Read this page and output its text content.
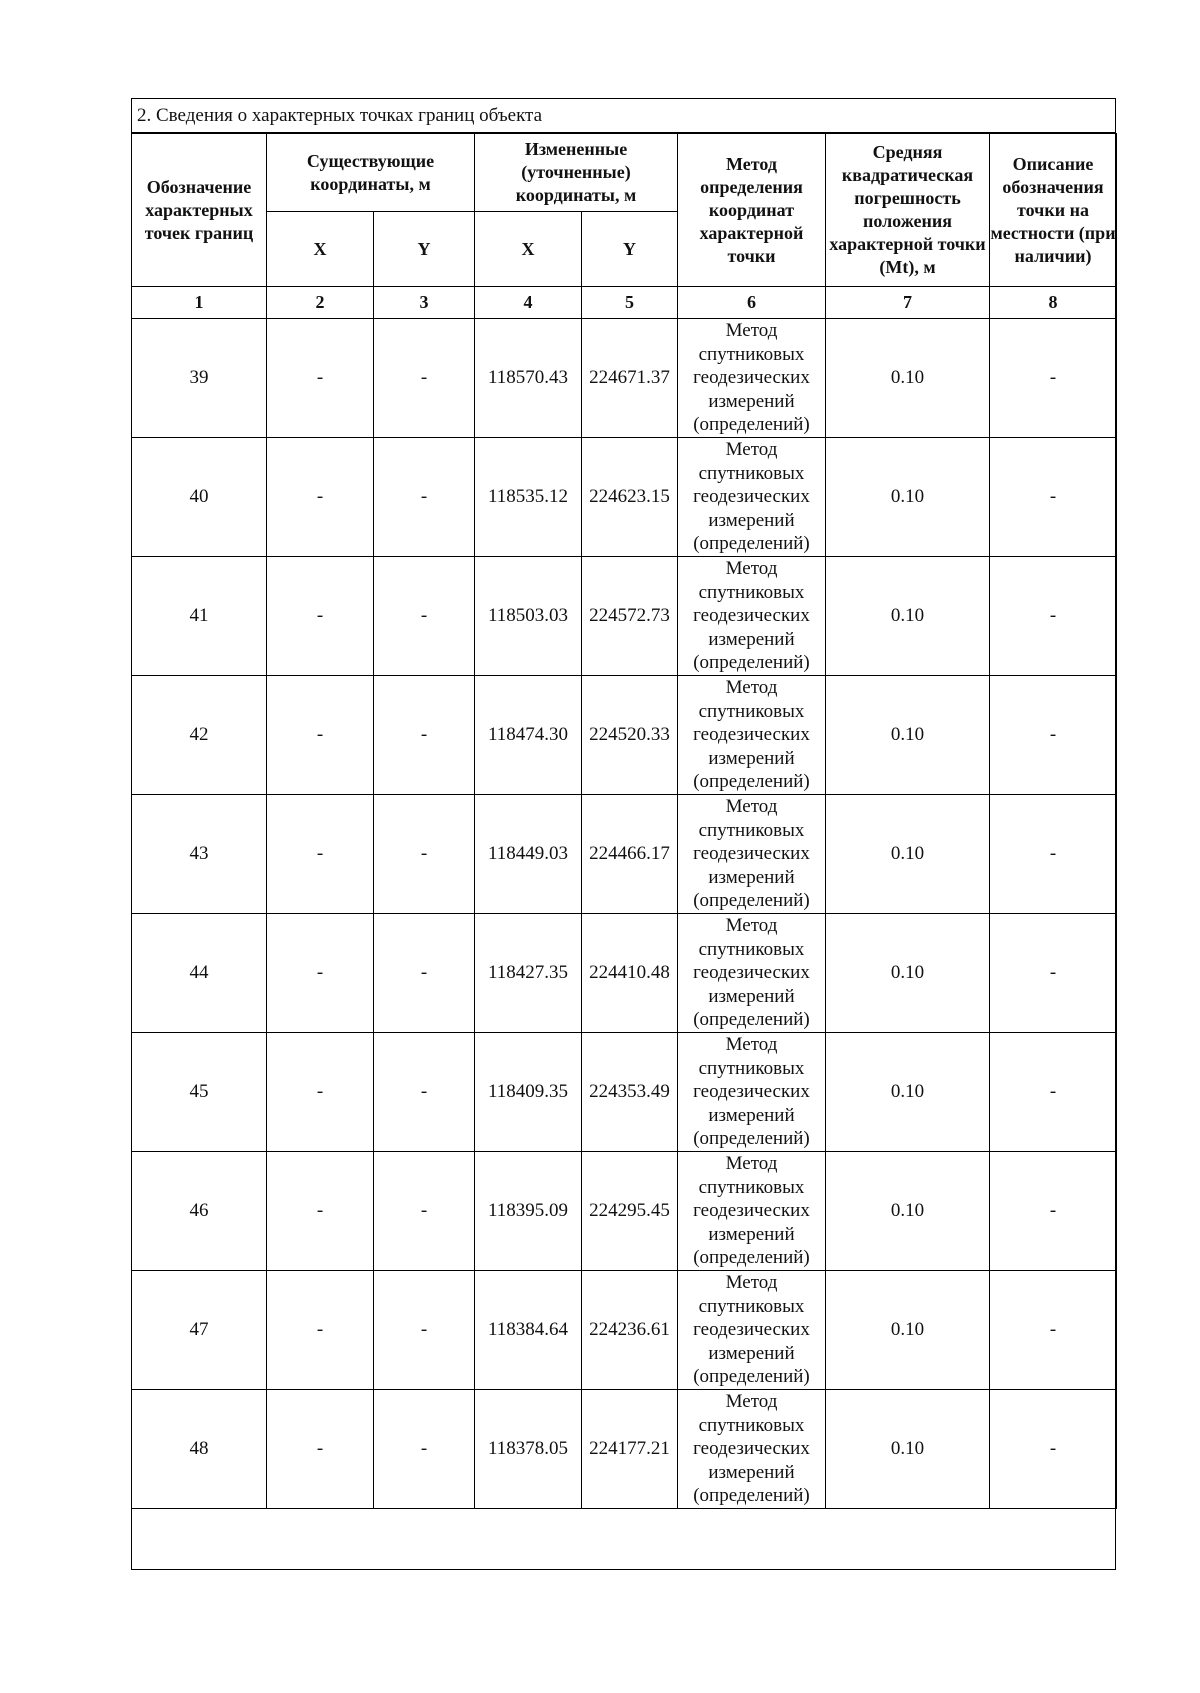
2. Сведения о характерных точках границ объекта
Обозначение характерных точек границ	Существующие координаты, м		Измененные (уточненные) координаты, м		Метод определения координат характерной точки	Средняя квадратическая погрешность положения характерной точки (Mt), м	Описание обозначения точки на местности (при наличии)
	X	Y	X	Y			
1	2	3	4	5	6	7	8
39	-	-	118570.43	224671.37	Метод
спутниковых
геодезических
измерений
(определений)	0.10	-
40	-	-	118535.12	224623.15	Метод
спутниковых
геодезических
измерений
(определений)	0.10	-
41	-	-	118503.03	224572.73	Метод
спутниковых
геодезических
измерений
(определений)	0.10	-
42	-	-	118474.30	224520.33	Метод
спутниковых
геодезических
измерений
(определений)	0.10	-
43	-	-	118449.03	224466.17	Метод
спутниковых
геодезических
измерений
(определений)	0.10	-
44	-	-	118427.35	224410.48	Метод
спутниковых
геодезических
измерений
(определений)	0.10	-
45	-	-	118409.35	224353.49	Метод
спутниковых
геодезических
измерений
(определений)	0.10	-
46	-	-	118395.09	224295.45	Метод
спутниковых
геодезических
измерений
(определений)	0.10	-
47	-	-	118384.64	224236.61	Метод
спутниковых
геодезических
измерений
(определений)	0.10	-
48	-	-	118378.05	224177.21	Метод
спутниковых
геодезических
измерений
(определений)	0.10	-
